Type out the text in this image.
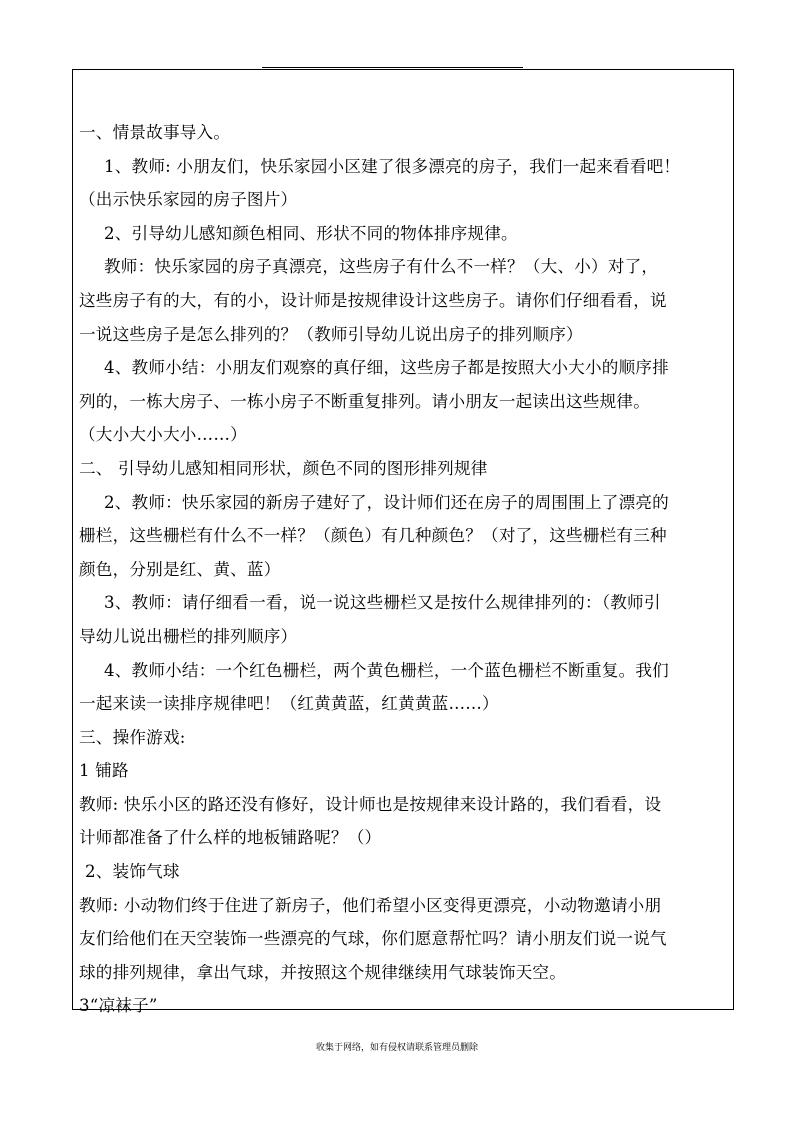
一、情景故事导入。

1、教师: 小朋友们，快乐家园小区建了很多漂亮的房子，我们一起来看看吧！

（出示快乐家园的房子图片）

2、引导幼儿感知颜色相同、形状不同的物体排序规律。

教师：快乐家园的房子真漂亮，这些房子有什么不一样？（大、小）对了，

这些房子有的大，有的小，设计师是按规律设计这些房子。请你们仔细看看，说

一说这些房子是怎么排列的？（教师引导幼儿说出房子的排列顺序）

4、教师小结：小朋友们观察的真仔细，这些房子都是按照大小大小的顺序排

列的，一栋大房子、一栋小房子不断重复排列。请小朋友一起读出这些规律。

（大小大小大小……）

二、 引导幼儿感知相同形状，颜色不同的图形排列规律

2、教师：快乐家园的新房子建好了，设计师们还在房子的周围围上了漂亮的

栅栏，这些栅栏有什么不一样？（颜色）有几种颜色？（对了，这些栅栏有三种

颜色，分别是红、黄、蓝）

3、教师：请仔细看一看，说一说这些栅栏又是按什么规律排列的：（教师引

导幼儿说出栅栏的排列顺序）

4、教师小结：一个红色栅栏，两个黄色栅栏，一个蓝色栅栏不断重复。我们

一起来读一读排序规律吧！（红黄黄蓝，红黄黄蓝……）

三、操作游戏:

1 铺路

教师: 快乐小区的路还没有修好，设计师也是按规律来设计路的，我们看看，设

计师都准备了什么样的地板铺路呢？（）

2、装饰气球

教师: 小动物们终于住进了新房子，他们希望小区变得更漂亮，小动物邀请小朋

友们给他们在天空装饰一些漂亮的气球，你们愿意帮忙吗？请小朋友们说一说气

球的排列规律，拿出气球，并按照这个规律继续用气球装饰天空。

3“凉袜子”

收集于网络，如有侵权请联系管理员删除
